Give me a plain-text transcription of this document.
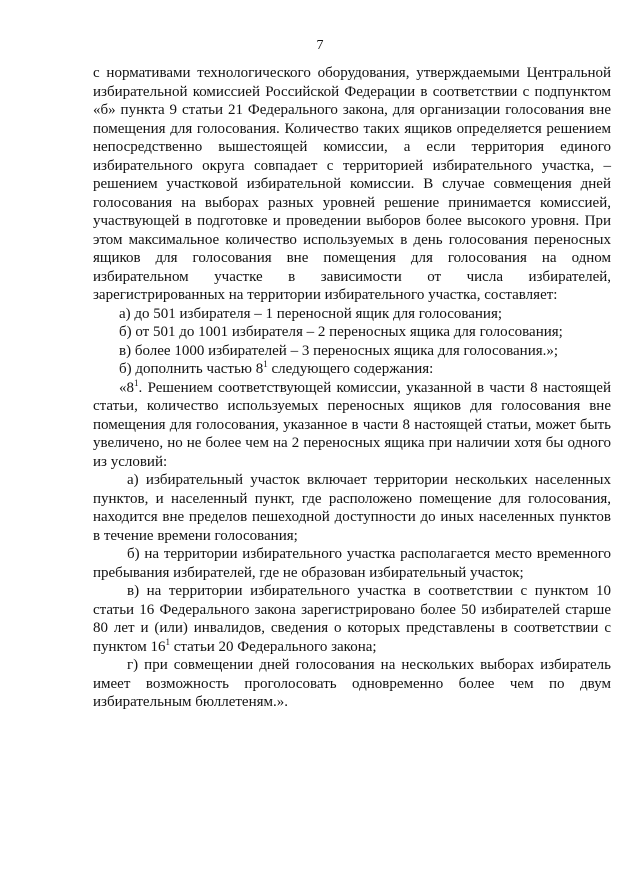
7

с нормативами технологического оборудования, утверждаемыми Центральной избирательной комиссией Российской Федерации в соответствии с подпунктом «б» пункта 9 статьи 21 Федерального закона, для организации голосования вне помещения для голосования. Количество таких ящиков определяется решением непосредственно вышестоящей комиссии, а если территория единого избирательного округа совпадает с территорией избирательного участка, – решением участковой избирательной комиссии. В случае совмещения дней голосования на выборах разных уровней решение принимается комиссией, участвующей в подготовке и проведении выборов более высокого уровня. При этом максимальное количество используемых в день голосования переносных ящиков для голосования вне помещения для голосования на одном избирательном участке в зависимости от числа избирателей, зарегистрированных на территории избирательного участка, составляет:

а) до 501 избирателя – 1 переносной ящик для голосования;

б) от 501 до 1001 избирателя – 2 переносных ящика для голосования;

в) более 1000 избирателей – 3 переносных ящика для голосования.»;

б) дополнить частью $8^1$ следующего содержания:

«$8^1$. Решением соответствующей комиссии, указанной в части 8 настоящей статьи, количество используемых переносных ящиков для голосования вне помещения для голосования, указанное в части 8 настоящей статьи, может быть увеличено, но не более чем на 2 переносных ящика при наличии хотя бы одного из условий:

а) избирательный участок включает территории нескольких населенных пунктов, и населенный пункт, где расположено помещение для голосования, находится вне пределов пешеходной доступности до иных населенных пунктов в течение времени голосования;

б) на территории избирательного участка располагается место временного пребывания избирателей, где не образован избирательный участок;

в) на территории избирательного участка в соответствии с пунктом 10 статьи 16 Федерального закона зарегистрировано более 50 избирателей старше 80 лет и (или) инвалидов, сведения о которых представлены в соответствии с пунктом $16^1$ статьи 20 Федерального закона;

г) при совмещении дней голосования на нескольких выборах избиратель имеет возможность проголосовать одновременно более чем по двум избирательным бюллетеням.».
